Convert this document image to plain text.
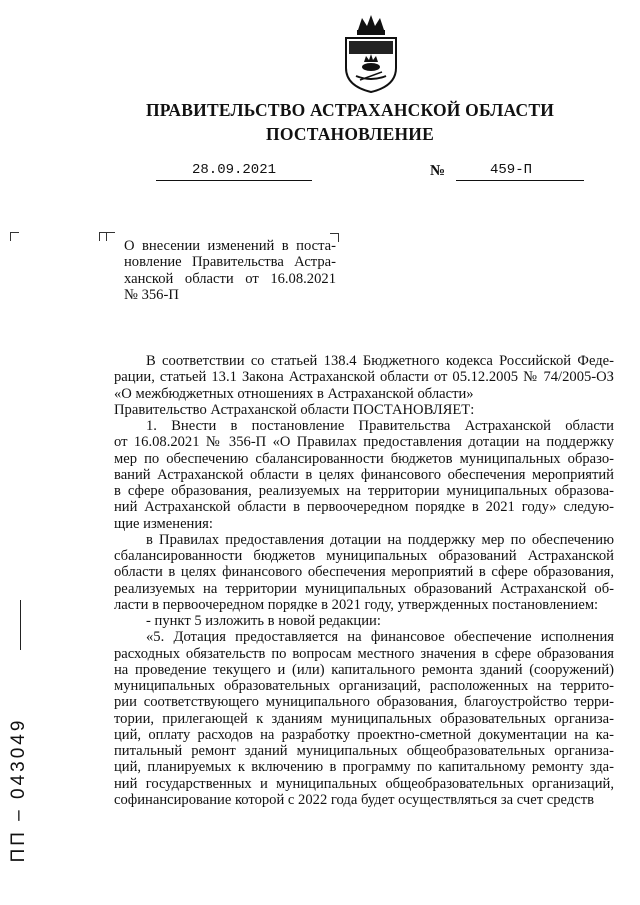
ПРАВИТЕЛЬСТВО АСТРАХАНСКОЙ ОБЛАСТИ
ПОСТАНОВЛЕНИЕ
28.09.2021	№	459-П
О внесении изменений в поста-
новление Правительства Астра-
ханской области от 16.08.2021
№ 356-П
В соответствии со статьей 138.4 Бюджетного кодекса Российской Феде-
рации, статьей 13.1 Закона Астраханской области от 05.12.2005 № 74/2005-ОЗ
«О межбюджетных отношениях в Астраханской области»
Правительство Астраханской области ПОСТАНОВЛЯЕТ:
1. Внести в постановление Правительства Астраханской области
от 16.08.2021 № 356-П «О Правилах предоставления дотации на поддержку
мер по обеспечению сбалансированности бюджетов муниципальных образо-
ваний Астраханской области в целях финансового обеспечения мероприятий
в сфере образования, реализуемых на территории муниципальных образова-
ний Астраханской области в первоочередном порядке в 2021 году» следую-
щие изменения:
в Правилах предоставления дотации на поддержку мер по обеспечению
сбалансированности бюджетов муниципальных образований Астраханской
области в целях финансового обеспечения мероприятий в сфере образования,
реализуемых на территории муниципальных образований Астраханской об-
ласти в первоочередном порядке в 2021 году, утвержденных постановлением:
- пункт 5 изложить в новой редакции:
«5. Дотация предоставляется на финансовое обеспечение исполнения
расходных обязательств по вопросам местного значения в сфере образования
на проведение текущего и (или) капитального ремонта зданий (сооружений)
муниципальных образовательных организаций, расположенных на террито-
рии соответствующего муниципального образования, благоустройство терри-
тории, прилегающей к зданиям муниципальных образовательных организа-
ций, оплату расходов на разработку проектно-сметной документации на ка-
питальный ремонт зданий муниципальных общеобразовательных организа-
ций, планируемых к включению в программу по капитальному ремонту зда-
ний государственных и муниципальных общеобразовательных организаций,
софинансирование которой с 2022 года будет осуществляться за счет средств
ПП – 043049
